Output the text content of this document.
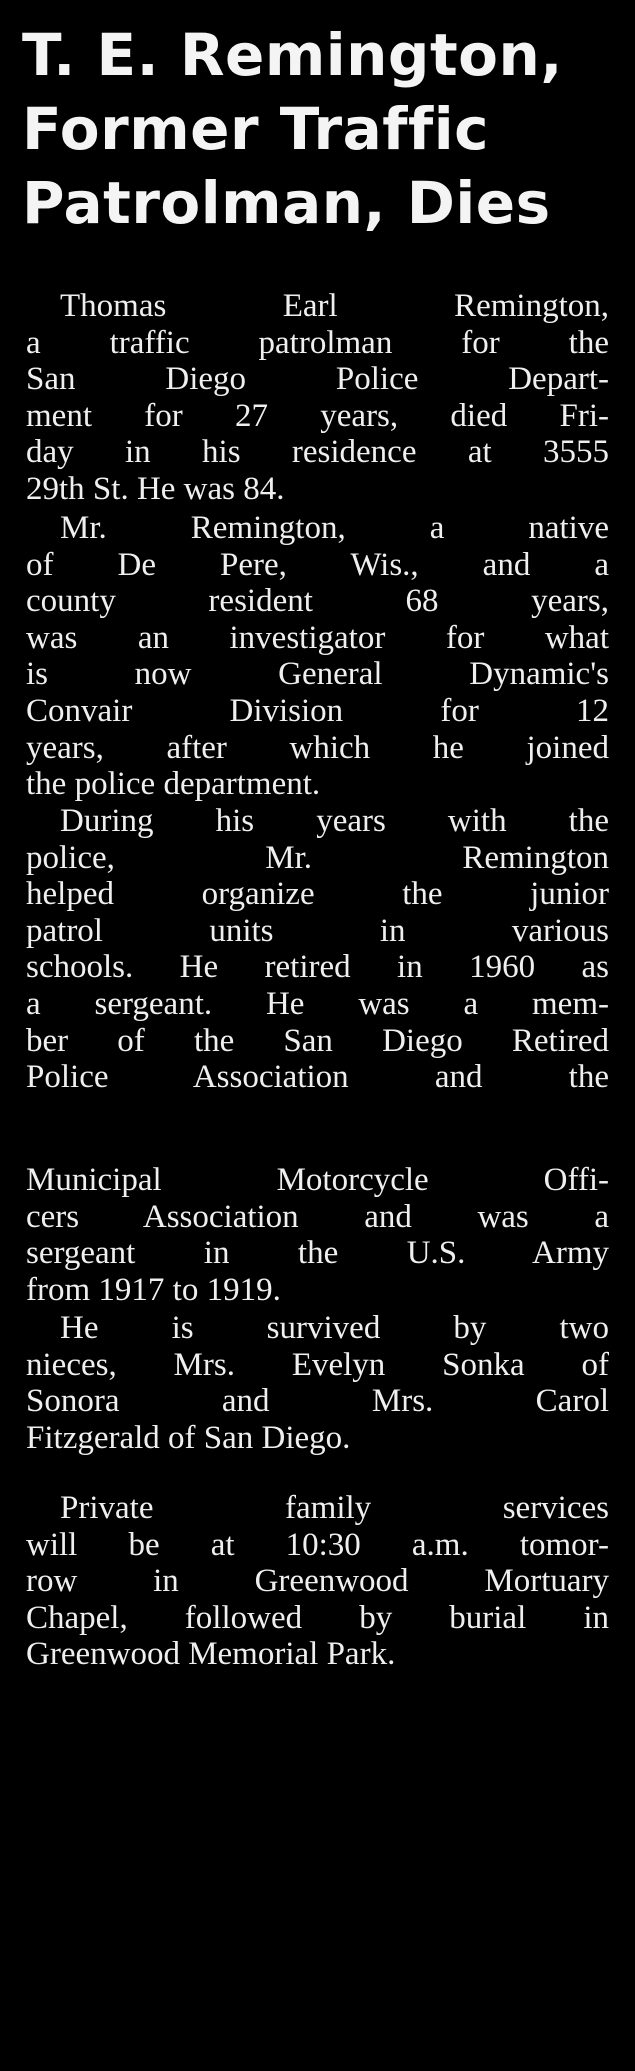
T. E. Remington,
Former Traffic
Patrolman, Dies
Thomas Earl Remington,
a traffic patrolman for the
San Diego Police Depart-
ment for 27 years, died Fri-
day in his residence at 3555
29th St. He was 84.
Mr. Remington, a native
of De Pere, Wis., and a
county resident 68 years,
was an investigator for what
is now General Dynamic's
Convair Division for 12
years, after which he joined
the police department.
During his years with the
police, Mr. Remington
helped organize the junior
patrol units in various
schools. He retired in 1960 as
a sergeant. He was a mem-
ber of the San Diego Retired
Police Association and the
Municipal Motorcycle Offi-
cers Association and was a
sergeant in the U.S. Army
from 1917 to 1919.
He is survived by two
nieces, Mrs. Evelyn Sonka of
Sonora and Mrs. Carol
Fitzgerald of San Diego.
Private family services
will be at 10:30 a.m. tomor-
row in Greenwood Mortuary
Chapel, followed by burial in
Greenwood Memorial Park.
